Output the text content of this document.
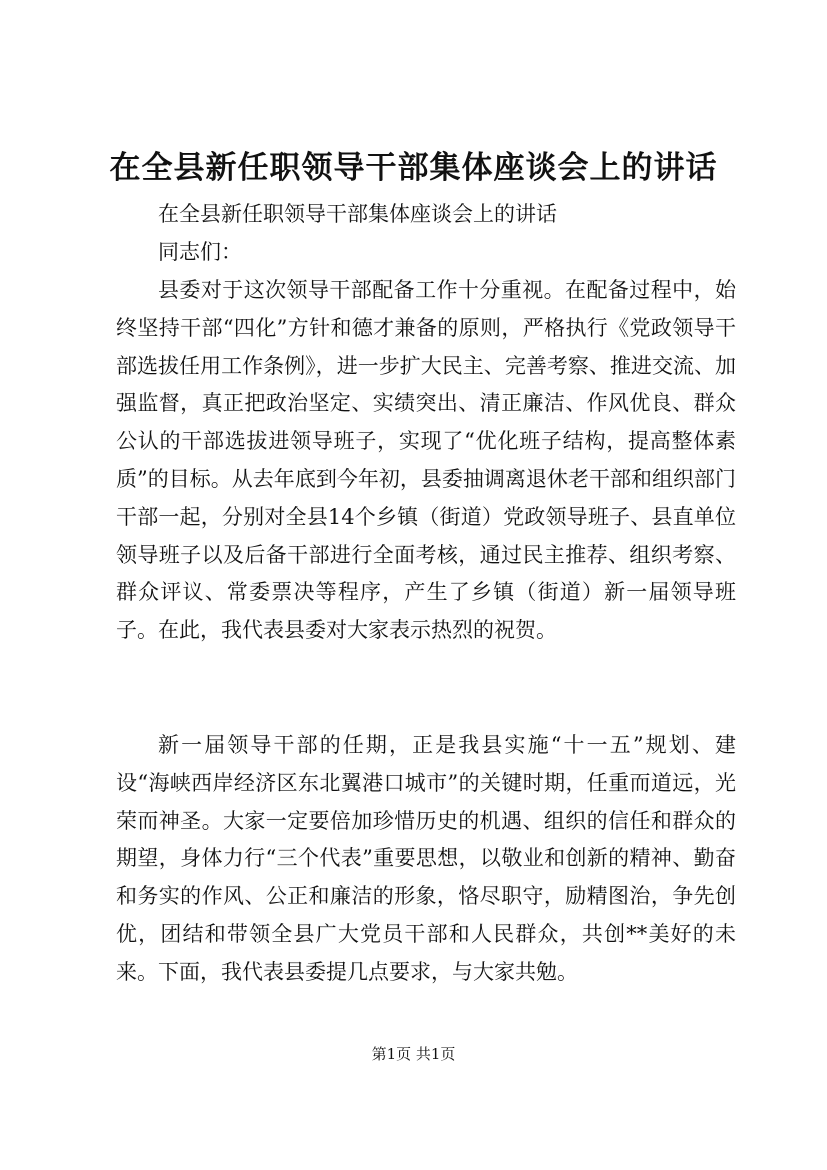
在全县新任职领导干部集体座谈会上的讲话

在全县新任职领导干部集体座谈会上的讲话

同志们：

县委对于这次领导干部配备工作十分重视。在配备过程中，始终坚持干部“四化”方针和德才兼备的原则，严格执行《党政领导干部选拔任用工作条例》，进一步扩大民主、完善考察、推进交流、加强监督，真正把政治坚定、实绩突出、清正廉洁、作风优良、群众公认的干部选拔进领导班子，实现了“优化班子结构，提高整体素质”的目标。从去年底到今年初，县委抽调离退休老干部和组织部门干部一起，分别对全县14个乡镇（街道）党政领导班子、县直单位领导班子以及后备干部进行全面考核，通过民主推荐、组织考察、群众评议、常委票决等程序，产生了乡镇（街道）新一届领导班子。在此，我代表县委对大家表示热烈的祝贺。

新一届领导干部的任期，正是我县实施“十一五”规划、建设“海峡西岸经济区东北翼港口城市”的关键时期，任重而道远，光荣而神圣。大家一定要倍加珍惜历史的机遇、组织的信任和群众的期望，身体力行“三个代表”重要思想，以敬业和创新的精神、勤奋和务实的作风、公正和廉洁的形象，恪尽职守，励精图治，争先创优，团结和带领全县广大党员干部和人民群众，共创**美好的未来。下面，我代表县委提几点要求，与大家共勉。

第1页 共1页
